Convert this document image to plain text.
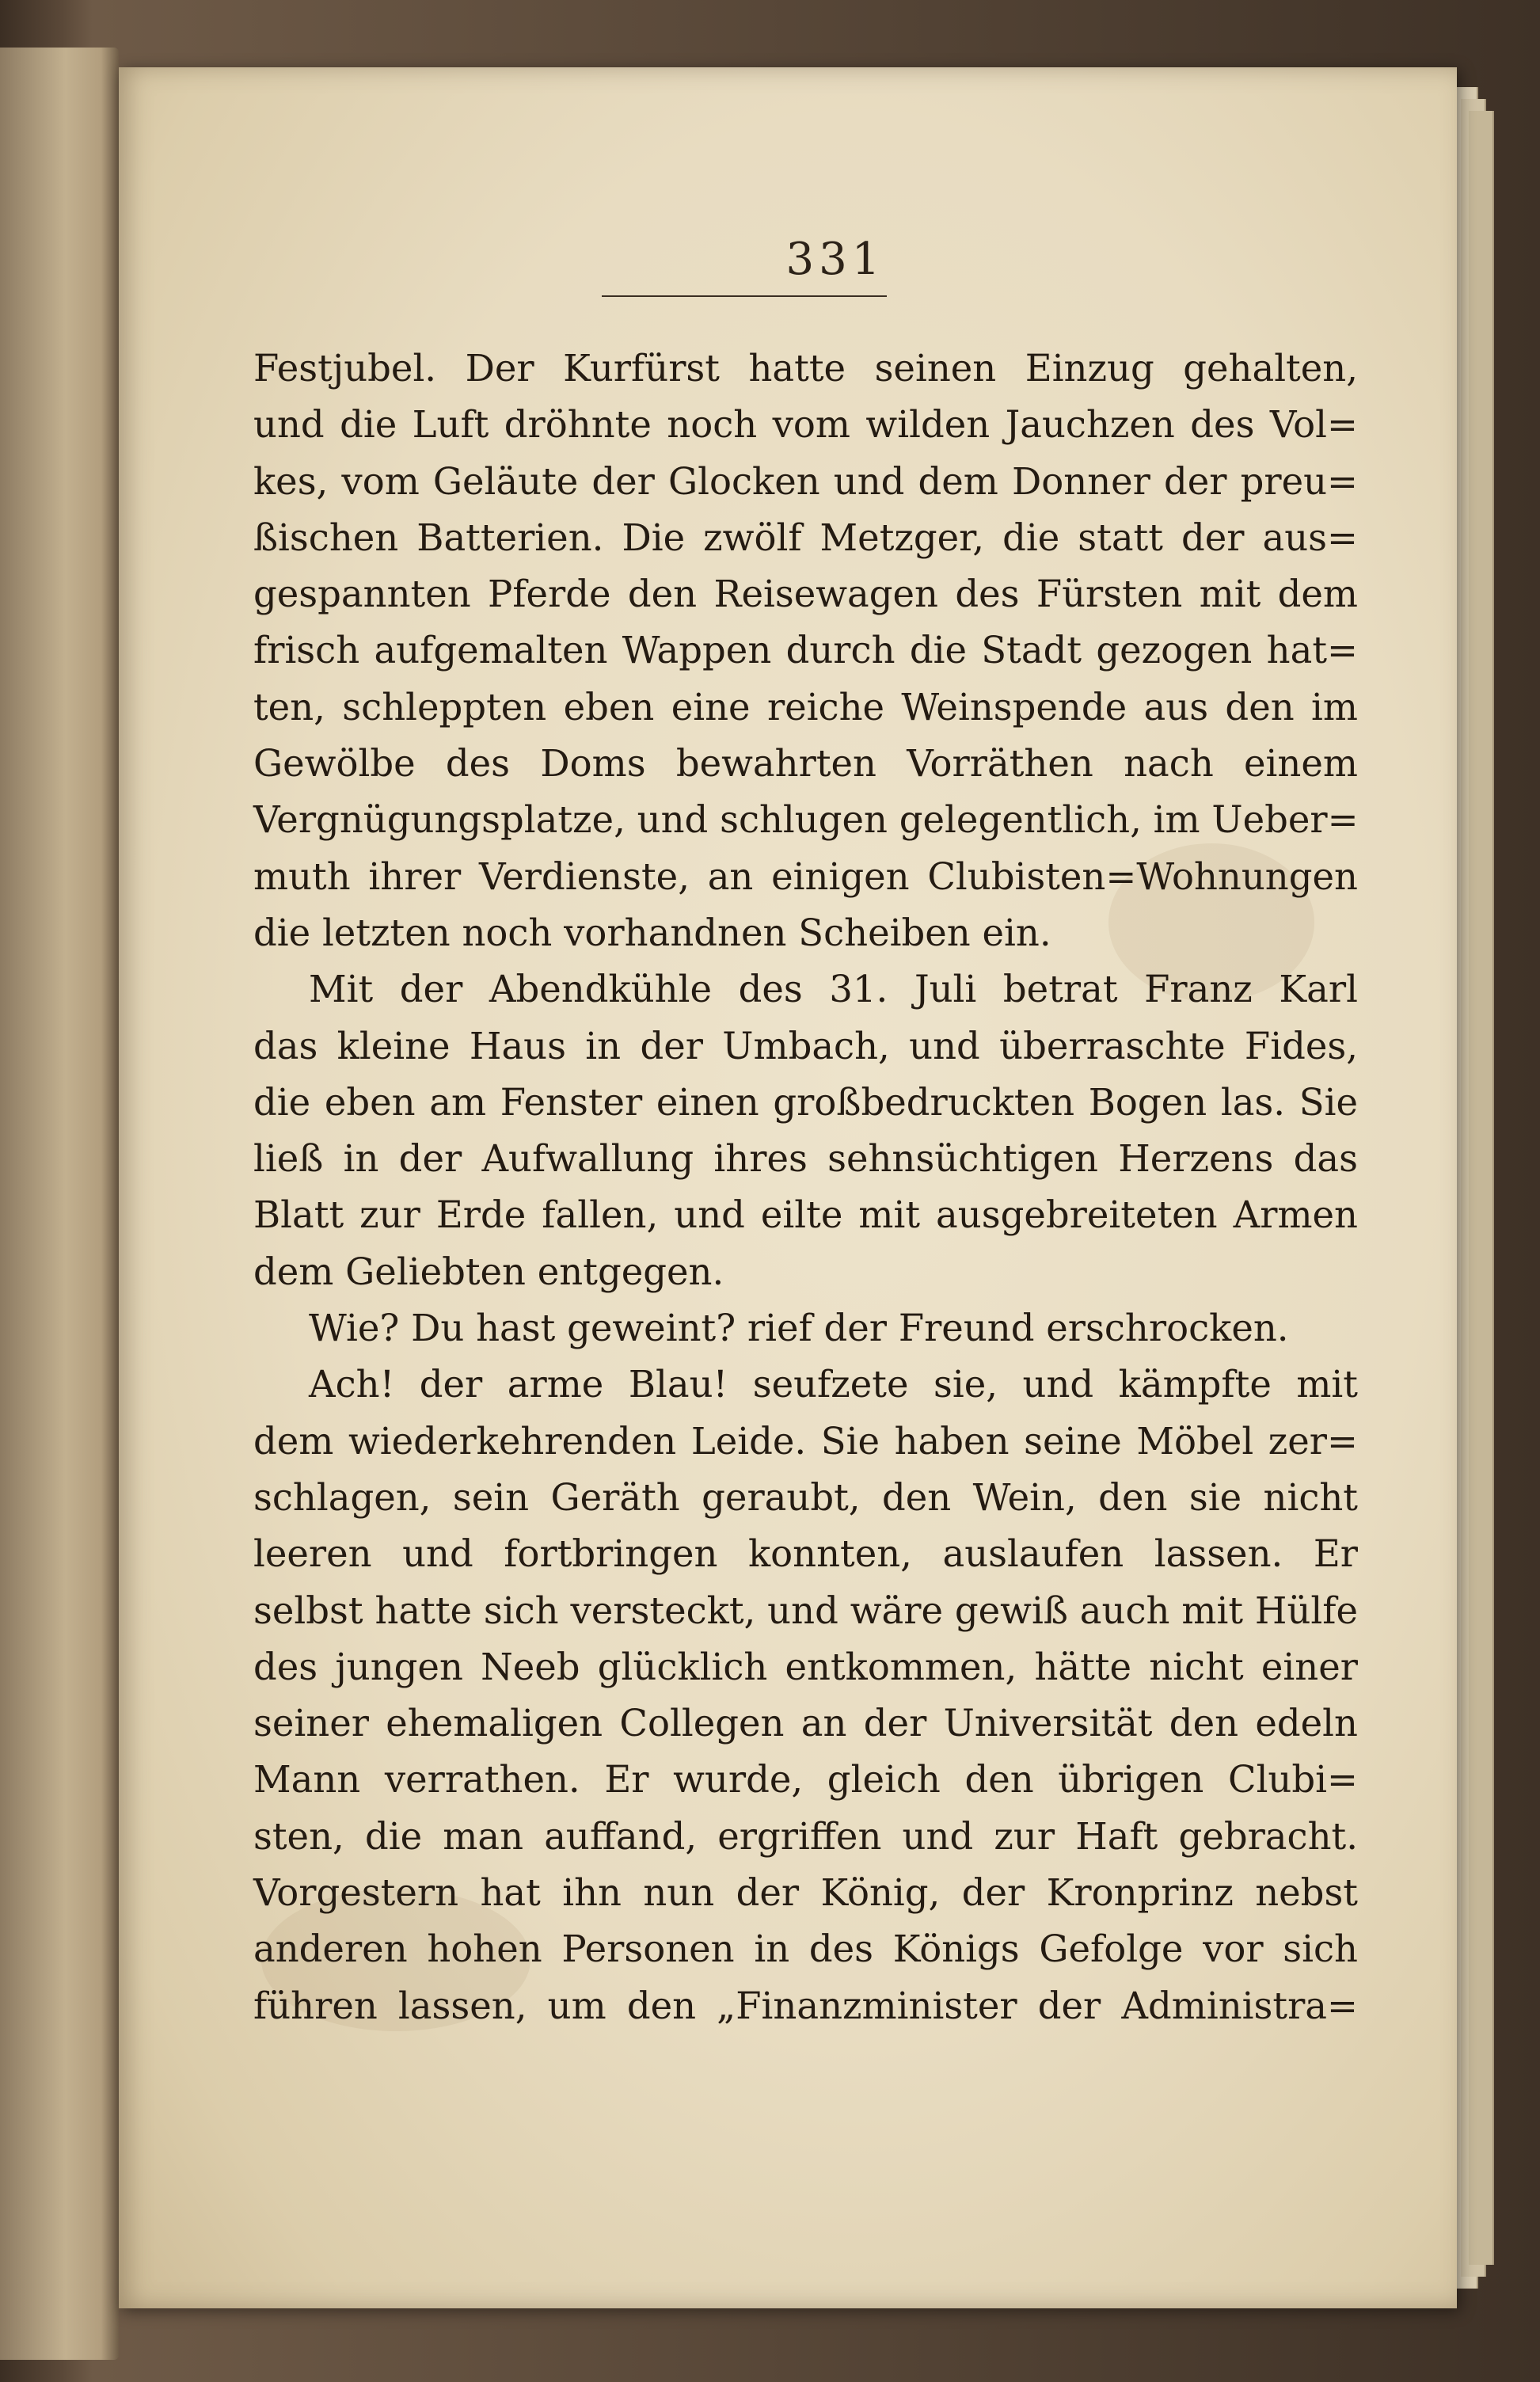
331
Festjubel. Der Kurfürst hatte seinen Einzug gehalten,
und die Luft dröhnte noch vom wilden Jauchzen des Vol=
kes, vom Geläute der Glocken und dem Donner der preu=
ßischen Batterien. Die zwölf Metzger, die statt der aus=
gespannten Pferde den Reisewagen des Fürsten mit dem
frisch aufgemalten Wappen durch die Stadt gezogen hat=
ten, schleppten eben eine reiche Weinspende aus den im
Gewölbe des Doms bewahrten Vorräthen nach einem
Vergnügungsplatze, und schlugen gelegentlich, im Ueber=
muth ihrer Verdienste, an einigen Clubisten=Wohnungen
die letzten noch vorhandnen Scheiben ein.
Mit der Abendkühle des 31. Juli betrat Franz Karl
das kleine Haus in der Umbach, und überraschte Fides,
die eben am Fenster einen großbedruckten Bogen las. Sie
ließ in der Aufwallung ihres sehnsüchtigen Herzens das
Blatt zur Erde fallen, und eilte mit ausgebreiteten Armen
dem Geliebten entgegen.
Wie? Du hast geweint? rief der Freund erschrocken.
Ach! der arme Blau! seufzete sie, und kämpfte mit
dem wiederkehrenden Leide. Sie haben seine Möbel zer=
schlagen, sein Geräth geraubt, den Wein, den sie nicht
leeren und fortbringen konnten, auslaufen lassen. Er
selbst hatte sich versteckt, und wäre gewiß auch mit Hülfe
des jungen Neeb glücklich entkommen, hätte nicht einer
seiner ehemaligen Collegen an der Universität den edeln
Mann verrathen. Er wurde, gleich den übrigen Clubi=
sten, die man auffand, ergriffen und zur Haft gebracht.
Vorgestern hat ihn nun der König, der Kronprinz nebst
anderen hohen Personen in des Königs Gefolge vor sich
führen lassen, um den „Finanzminister der Administra=
